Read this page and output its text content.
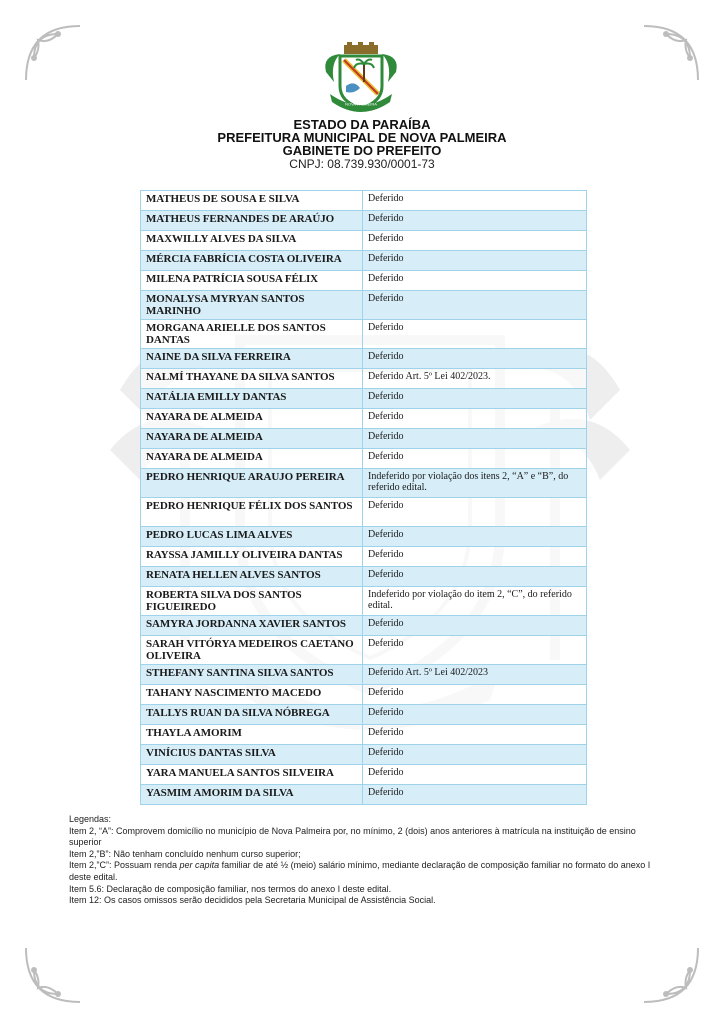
NOVA PALMEIRA
ESTADO DA PARAÍBA
PREFEITURA MUNICIPAL DE NOVA PALMEIRA
GABINETE DO PREFEITO
CNPJ: 08.739.930/0001-73
MATHEUS DE SOUSA E SILVA	Deferido
MATHEUS FERNANDES DE ARAÚJO	Deferido
MAXWILLY ALVES DA SILVA	Deferido
MÉRCIA FABRÍCIA COSTA OLIVEIRA	Deferido
MILENA PATRÍCIA SOUSA FÉLIX	Deferido
MONALYSA MYRYAN SANTOS MARINHO	Deferido
MORGANA ARIELLE DOS SANTOS DANTAS	Deferido
NAINE DA SILVA FERREIRA	Deferido
NALMÍ THAYANE DA SILVA SANTOS	Deferido Art. 5º Lei 402/2023.
NATÁLIA EMILLY DANTAS	Deferido
NAYARA DE ALMEIDA	Deferido
NAYARA DE ALMEIDA	Deferido
NAYARA DE ALMEIDA	Deferido
PEDRO HENRIQUE ARAUJO PEREIRA	Indeferido por violação dos itens 2, “A” e “B”, do referido edital.
PEDRO HENRIQUE FÉLIX DOS SANTOS	Deferido
PEDRO LUCAS LIMA ALVES	Deferido
RAYSSA JAMILLY OLIVEIRA DANTAS	Deferido
RENATA HELLEN ALVES SANTOS	Deferido
ROBERTA SILVA DOS SANTOS FIGUEIREDO	Indeferido por violação do item 2, “C”, do referido edital.
SAMYRA JORDANNA XAVIER SANTOS	Deferido
SARAH VITÓRYA MEDEIROS CAETANO OLIVEIRA	Deferido
STHEFANY SANTINA SILVA SANTOS	Deferido Art. 5º Lei 402/2023
TAHANY NASCIMENTO MACEDO	Deferido
TALLYS RUAN DA SILVA NÓBREGA	Deferido
THAYLA AMORIM	Deferido
VINÍCIUS DANTAS SILVA	Deferido
YARA MANUELA SANTOS SILVEIRA	Deferido
YASMIM AMORIM DA SILVA	Deferido

Legendas:

Item 2, “A”: Comprovem domicílio no município de Nova Palmeira por, no mínimo, 2 (dois) anos anteriores à matrícula na instituição de ensino superior

Item 2,”B”: Não tenham concluído nenhum curso superior;

Item 2,”C”: Possuam renda per capita familiar de até ½ (meio) salário mínimo, mediante declaração de composição familiar no formato do anexo I deste edital.

Item 5.6: Declaração de composição familiar, nos termos do anexo I deste edital.

Item 12: Os casos omissos serão decididos pela Secretaria Municipal de Assistência Social.
